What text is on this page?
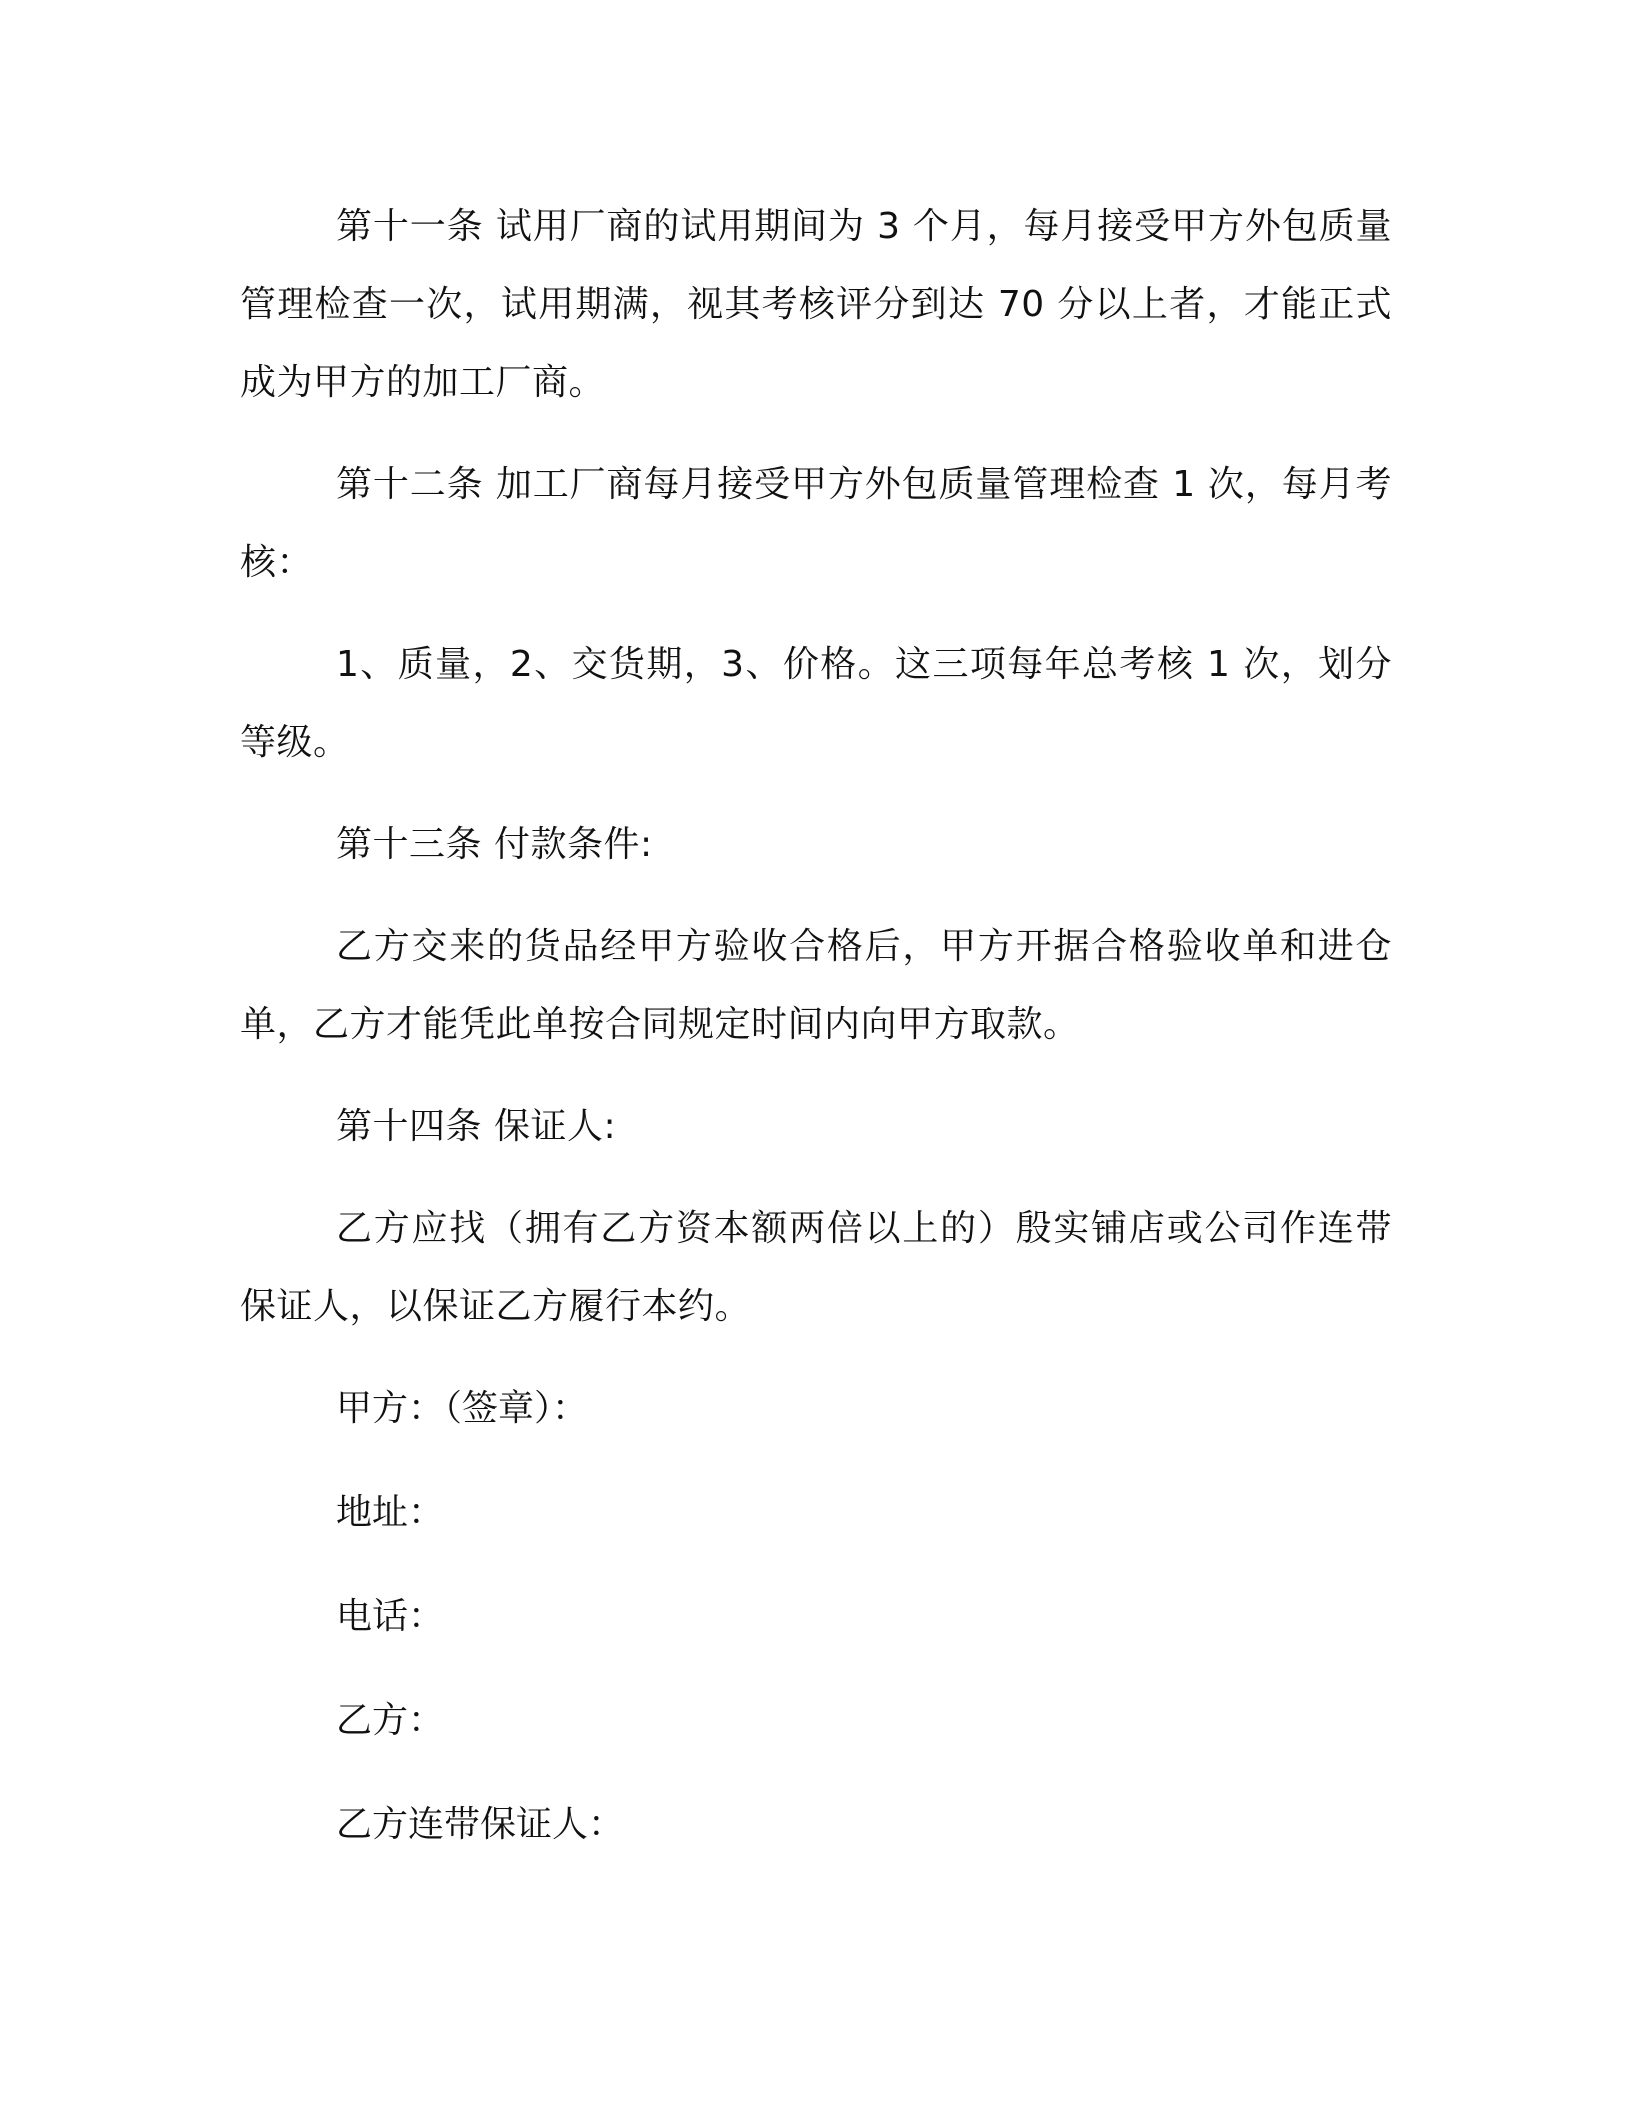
第十一条 试用厂商的试用期间为 3 个月，每月接受甲方外包质量管理检查一次，试用期满，视其考核评分到达 70 分以上者，才能正式成为甲方的加工厂商。

第十二条 加工厂商每月接受甲方外包质量管理检查 1 次，每月考核：

1、质量，2、交货期，3、价格。这三项每年总考核 1 次，划分等级。

第十三条 付款条件:

乙方交来的货品经甲方验收合格后，甲方开据合格验收单和进仓单，乙方才能凭此单按合同规定时间内向甲方取款。

第十四条 保证人:

乙方应找（拥有乙方资本额两倍以上的）殷实铺店或公司作连带保证人，以保证乙方履行本约。

甲方：（签章）：
地址：
电话：
乙方：
乙方连带保证人：
